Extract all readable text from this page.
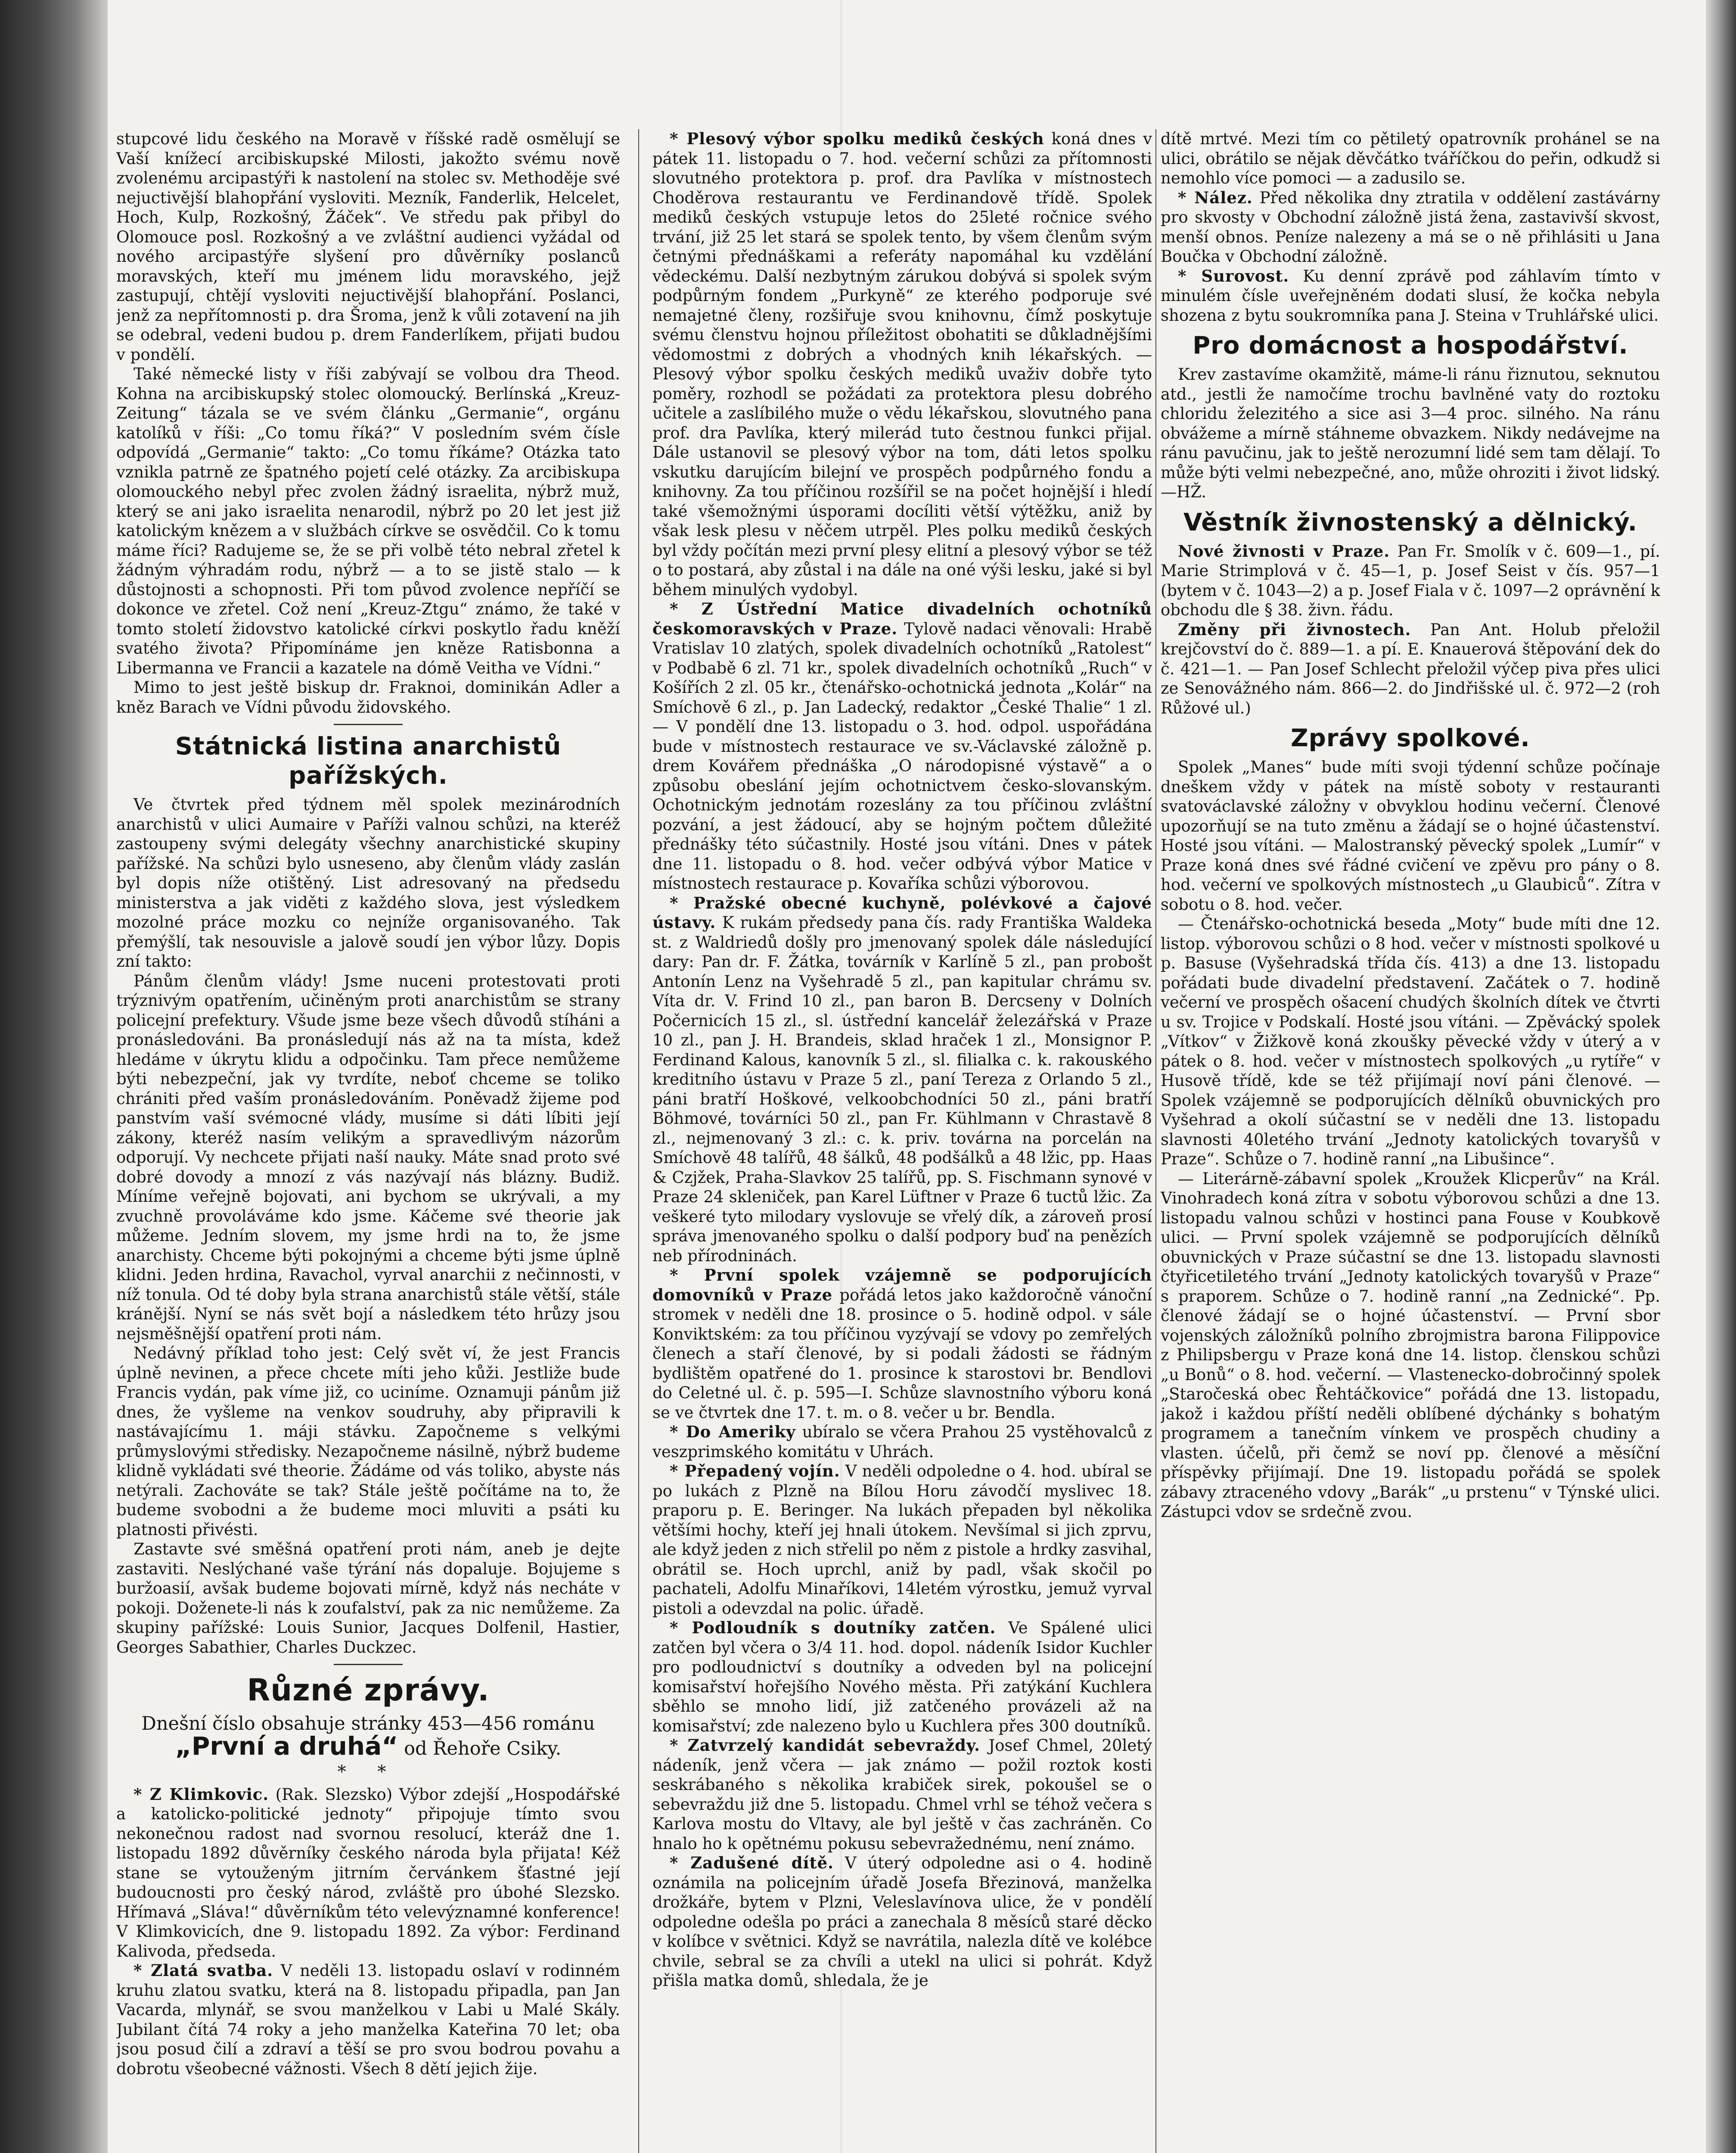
stupcové lidu českého na Moravě v říšské radě osmělují se Vaší knížecí arcibiskupské Milosti, jakožto svému nově zvolenému arcipastýři k nastolení na stolec sv. Methoděje své nejuctivější blahopřání vysloviti. Mezník, Fanderlik, Helcelet, Hoch, Kulp, Rozkošný, Žáček“. Ve středu pak přibyl do Olomouce posl. Rozkošný a ve zvláštní audienci vyžádal od nového arcipastýře slyšení pro důvěrníky poslanců moravských, kteří mu jménem lidu moravského, jejž zastupují, chtějí vysloviti nejuctivější blahopřání. Poslanci, jenž za nepřítomnosti p. dra Šroma, jenž k vůli zotavení na jih se odebral, vedeni budou p. drem Fanderlíkem, přijati budou v pondělí.

Také německé listy v říši zabývají se volbou dra Theod. Kohna na arcibiskupský stolec olomoucký. Berlínská „Kreuz-Zeitung“ tázala se ve svém článku „Germanie“, orgánu katolíků v říši: „Co tomu říká?“ V posledním svém čísle odpovídá „Germanie“ takto: „Co tomu říkáme? Otázka tato vznikla patrně ze špatného pojetí celé otázky. Za arcibiskupa olomouckého nebyl přec zvolen žádný israelita, nýbrž muž, který se ani jako israelita nenarodil, nýbrž po 20 let jest již katolickým knězem a v službách církve se osvědčil. Co k tomu máme říci? Radujeme se, že se při volbě této nebral zřetel k žádným výhradám rodu, nýbrž — a to se jistě stalo — k důstojnosti a schopnosti. Při tom původ zvolence nepříčí se dokonce ve zřetel. Což není „Kreuz-Ztgu“ známo, že také v tomto století židovstvo katolické církvi poskytlo řadu kněží svatého života? Připomínáme jen kněze Ratisbonna a Libermanna ve Francii a kazatele na dómě Veitha ve Vídni.“

Mimo to jest ještě biskup dr. Fraknoi, dominikán Adler a kněz Barach ve Vídni původu židovského.

Státnická listina anarchistů pařížských.

Ve čtvrtek před týdnem měl spolek mezinárodních anarchistů v ulici Aumaire v Paříži valnou schůzi, na kteréž zastoupeny svými delegáty všechny anarchistické skupiny pařížské. Na schůzi bylo usneseno, aby členům vlády zaslán byl dopis níže otištěný. List adresovaný na předsedu ministerstva a jak viděti z každého slova, jest výsledkem mozolné práce mozku co nejníže organisovaného. Tak přemýšlí, tak nesouvisle a jalově soudí jen výbor lůzy. Dopis zní takto:

Pánům členům vlády! Jsme nuceni protestovati proti trýznivým opatřením, učiněným proti anarchistům se strany policejní prefektury. Všude jsme beze všech důvodů stíháni a pronásledováni. Ba pronásledují nás až na ta místa, kdež hledáme v úkrytu klidu a odpočinku. Tam přece nemůžeme býti nebezpeční, jak vy tvrdíte, neboť chceme se toliko chrániti před vaším pronásledováním. Poněvadž žijeme pod panstvím vaší svémocné vlády, musíme si dáti líbiti její zákony, kteréž nasím velikým a spravedlivým názorům odporují. Vy nechcete přijati naší nauky. Máte snad proto své dobré dovody a mnozí z vás nazývají nás blázny. Budiž. Míníme veřejně bojovati, ani bychom se ukrývali, a my zvuchně provoláváme kdo jsme. Káčeme své theorie jak můžeme. Jedním slovem, my jsme hrdi na to, že jsme anarchisty. Chceme býti pokojnými a chceme býti jsme úplně klidni. Jeden hrdina, Ravachol, vyrval anarchii z nečinnosti, v níž tonula. Od té doby byla strana anarchistů stále větší, stále kránější. Nyní se nás svět bojí a následkem této hrůzy jsou nejsměšnější opatření proti nám.

Nedávný příklad toho jest: Celý svět ví, že jest Francis úplně nevinen, a přece chcete míti jeho kůži. Jestliže bude Francis vydán, pak víme již, co uciníme. Oznamuji pánům již dnes, že vyšleme na venkov soudruhy, aby připravili k nastávajícímu 1. máji stávku. Započneme s velkými průmyslovými středisky. Nezapočneme násilně, nýbrž budeme klidně vykládati své theorie. Žádáme od vás toliko, abyste nás netýrali. Zachováte se tak? Stále ještě počítáme na to, že budeme svobodni a že budeme moci mluviti a psáti ku platnosti přivésti.

Zastavte své směšná opatření proti nám, aneb je dejte zastaviti. Neslýchané vaše týrání nás dopaluje. Bojujeme s buržoasií, avšak budeme bojovati mírně, když nás necháte v pokoji. Doženete-li nás k zoufalství, pak za nic nemůžeme. Za skupiny pařížské: Louis Sunior, Jacques Dolfenil, Hastier, Georges Sabathier, Charles Duckzec.

Různé zprávy.
Dnešní číslo obsahuje stránky 453—456 románu „První a druhá“ od Řehoře Csiky.
* *

* Z Klimkovic. (Rak. Slezsko) Výbor zdejší „Hospodářské a katolicko-politické jednoty“ připojuje tímto svou nekonečnou radost nad svornou resolucí, kteráž dne 1. listopadu 1892 důvěrníky českého národa byla přijata! Kéž stane se vytouženým jitrním červánkem šťastné její budoucnosti pro český národ, zvláště pro úbohé Slezsko. Hřímavá „Sláva!“ důvěrníkům této velevýznamné konference! V Klimkovicích, dne 9. listopadu 1892. Za výbor: Ferdinand Kalivoda, předseda.

* Zlatá svatba. V neděli 13. listopadu oslaví v rodinném kruhu zlatou svatku, která na 8. listopadu připadla, pan Jan Vacarda, mlynář, se svou manželkou v Labi u Malé Skály. Jubilant čítá 74 roky a jeho manželka Kateřina 70 let; oba jsou posud čilí a zdraví a těší se pro svou bodrou povahu a dobrotu všeobecné vážnosti. Všech 8 dětí jejich žije.

* Plesový výbor spolku mediků českých koná dnes v pátek 11. listopadu o 7. hod. večerní schůzi za přítomnosti slovutného protektora p. prof. dra Pavlíka v místnostech Choděrova restaurantu ve Ferdinandově třídě. Spolek mediků českých vstupuje letos do 25leté ročnice svého trvání, již 25 let stará se spolek tento, by všem členům svým četnými přednáškami a referáty napomáhal ku vzdělání vědeckému. Další nezbytným zárukou dobývá si spolek svým podpůrným fondem „Purkyně“ ze kterého podporuje své nemajetné členy, rozšiřuje svou knihovnu, čímž poskytuje svému členstvu hojnou příležitost obohatiti se důkladnějšími vědomostmi z dobrých a vhodných knih lékařských. — Plesový výbor spolku českých mediků uvaživ dobře tyto poměry, rozhodl se požádati za protektora plesu dobrého učitele a zaslíbilého muže o vědu lékařskou, slovutného pana prof. dra Pavlíka, který milerád tuto čestnou funkci přijal. Dále ustanovil se plesový výbor na tom, dáti letos spolku vskutku darujícím bilejní ve prospěch podpůrného fondu a knihovny. Za tou příčinou rozšířil se na počet hojnější i hledí také všemožnými úsporami docíliti větší výtěžku, aniž by však lesk plesu v něčem utrpěl. Ples polku mediků českých byl vždy počítán mezi první plesy elitní a plesový výbor se též o to postará, aby zůstal i na dále na oné výši lesku, jaké si byl během minulých vydobyl.

* Z Ústřední Matice divadelních ochotníků českomoravských v Praze. Tylově nadaci věnovali: Hrabě Vratislav 10 zlatých, spolek divadelních ochotníků „Ratolest“ v Podbabě 6 zl. 71 kr., spolek divadelních ochotníků „Ruch“ v Košířích 2 zl. 05 kr., čtenářsko-ochotnická jednota „Kolár“ na Smíchově 6 zl., p. Jan Ladecký, redaktor „České Thalie“ 1 zl. — V pondělí dne 13. listopadu o 3. hod. odpol. uspořádána bude v místnostech restaurace ve sv.-Václavské záložně p. drem Kovářem přednáška „O národopisné výstavě“ a o způsobu obeslání jejím ochotnictvem česko-slovanským. Ochotnickým jednotám rozeslány za tou příčinou zvláštní pozvání, a jest žádoucí, aby se hojným počtem důležité přednášky této súčastnily. Hosté jsou vítáni. Dnes v pátek dne 11. listopadu o 8. hod. večer odbývá výbor Matice v místnostech restaurace p. Kovaříka schůzi výborovou.

* Pražské obecné kuchyně, polévkové a čajové ústavy. K rukám předsedy pana čís. rady Františka Waldeka st. z Waldriedů došly pro jmenovaný spolek dále následující dary: Pan dr. F. Žátka, továrník v Karlíně 5 zl., pan probošt Antonín Lenz na Vyšehradě 5 zl., pan kapitular chrámu sv. Víta dr. V. Frind 10 zl., pan baron B. Dercseny v Dolních Počernicích 15 zl., sl. ústřední kancelář železářská v Praze 10 zl., pan J. H. Brandeis, sklad hraček 1 zl., Monsignor P. Ferdinand Kalous, kanovník 5 zl., sl. filialka c. k. rakouského kreditního ústavu v Praze 5 zl., paní Tereza z Orlando 5 zl., páni bratří Hoškové, velkoobchodníci 50 zl., páni bratří Böhmové, továrníci 50 zl., pan Fr. Kühlmann v Chrastavě 8 zl., nejmenovaný 3 zl.: c. k. priv. továrna na porcelán na Smíchově 48 talířů, 48 šálků, 48 podšálků a 48 lžic, pp. Haas & Czjžek, Praha-Slavkov 25 talířů, pp. S. Fischmann synové v Praze 24 skleniček, pan Karel Lüftner v Praze 6 tuctů lžic. Za veškeré tyto milodary vyslovuje se vřelý dík, a zároveň prosí správa jmenovaného spolku o další podpory buď na penězích neb přírodninách.

* První spolek vzájemně se podporujících domovníků v Praze pořádá letos jako každoročně vánoční stromek v neděli dne 18. prosince o 5. hodině odpol. v sále Konviktském: za tou příčinou vyzývají se vdovy po zemřelých členech a staří členové, by si podali žádosti se řádným bydlištěm opatřené do 1. prosince k starostovi br. Bendlovi do Celetné ul. č. p. 595—I. Schůze slavnostního výboru koná se ve čtvrtek dne 17. t. m. o 8. večer u br. Bendla.

* Do Ameriky ubíralo se včera Prahou 25 vystěhovalců z veszprimského komitátu v Uhrách.

* Přepadený vojín. V neděli odpoledne o 4. hod. ubíral se po lukách z Plzně na Bílou Horu závodčí myslivec 18. praporu p. E. Beringer. Na lukách přepaden byl několika většími hochy, kteří jej hnali útokem. Nevšímal si jich zprvu, ale když jeden z nich střelil po něm z pistole a hrdky zasvihal, obrátil se. Hoch uprchl, aniž by padl, však skočil po pachateli, Adolfu Minaříkovi, 14letém výrostku, jemuž vyrval pistoli a odevzdal na polic. úřadě.

* Podloudník s doutníky zatčen. Ve Spálené ulici zatčen byl včera o 3/4 11. hod. dopol. nádeník Isidor Kuchler pro podloudnictví s doutníky a odveden byl na policejní komisařství hořejšího Nového města. Při zatýkání Kuchlera sběhlo se mnoho lidí, již zatčeného provázeli až na komisařství; zde nalezeno bylo u Kuchlera přes 300 doutníků.

* Zatvrzelý kandidát sebevraždy. Josef Chmel, 20letý nádeník, jenž včera — jak známo — požil roztok kosti seskrábaného s několika krabiček sirek, pokoušel se o sebevraždu již dne 5. listopadu. Chmel vrhl se téhož večera s Karlova mostu do Vltavy, ale byl ještě v čas zachráněn. Co hnalo ho k opětnému pokusu sebevražednému, není známo.

* Zadušené dítě. V úterý odpoledne asi o 4. hodině oznámila na policejním úřadě Josefa Březinová, manželka drožkáře, bytem v Plzni, Veleslavínova ulice, že v pondělí odpoledne odešla po práci a zanechala 8 měsíců staré děcko v kolíbce v světnici. Když se navrátila, nalezla dítě ve kolébce chvile, sebral se za chvíli a utekl na ulici si pohrát. Když přišla matka domů, shledala, že je

dítě mrtvé. Mezi tím co pětiletý opatrovník prohánel se na ulici, obrátilo se nějak děvčátko tváříčkou do peřin, odkudž si nemohlo více pomoci — a zadusilo se.

* Nález. Před několika dny ztratila v oddělení zastávárny pro skvosty v Obchodní záložně jistá žena, zastavivší skvost, menší obnos. Peníze nalezeny a má se o ně přihlásiti u Jana Boučka v Obchodní záložně.

* Surovost. Ku denní zprávě pod záhlavím tímto v minulém čísle uveřejněném dodati slusí, že kočka nebyla shozena z bytu soukromníka pana J. Steina v Truhlářské ulici.

Pro domácnost a hospodářství.

Krev zastavíme okamžitě, máme-li ránu řiznutou, seknutou atd., jestli že namočíme trochu bavlněné vaty do roztoku chloridu železitého a sice asi 3—4 proc. silného. Na ránu obvážeme a mírně stáhneme obvazkem. Nikdy nedávejme na ránu pavučinu, jak to ještě nerozumní lidé sem tam dělají. To může býti velmi nebezpečné, ano, může ohroziti i život lidský. —HŽ.

Věstník živnostenský a dělnický.

Nové živnosti v Praze. Pan Fr. Smolík v č. 609—1., pí. Marie Strimplová v č. 45—1, p. Josef Seist v čís. 957—1 (bytem v č. 1043—2) a p. Josef Fiala v č. 1097—2 oprávnění k obchodu dle § 38. živn. řádu.

Změny při živnostech. Pan Ant. Holub přeložil krejčovství do č. 889—1. a pí. E. Knauerová štěpování dek do č. 421—1. — Pan Josef Schlecht přeložil výčep piva přes ulici ze Senovážného nám. 866—2. do Jindřišské ul. č. 972—2 (roh Růžové ul.)

Zprávy spolkové.

Spolek „Manes“ bude míti svoji týdenní schůze počínaje dneškem vždy v pátek na místě soboty v restauranti svatováclavské záložny v obvyklou hodinu večerní. Členové upozorňují se na tuto změnu a žádají se o hojné účastenství. Hosté jsou vítáni. — Malostranský pěvecký spolek „Lumír“ v Praze koná dnes své řádné cvičení ve zpěvu pro pány o 8. hod. večerní ve spolkových místnostech „u Glaubiců“. Zítra v sobotu o 8. hod. večer.

— Čtenářsko-ochotnická beseda „Moty“ bude míti dne 12. listop. výborovou schůzi o 8 hod. večer v místnosti spolkové u p. Basuse (Vyšehradská třída čís. 413) a dne 13. listopadu pořádati bude divadelní představení. Začátek o 7. hodině večerní ve prospěch ošacení chudých školních dítek ve čtvrti u sv. Trojice v Podskalí. Hosté jsou vítáni. — Zpěvácký spolek „Vítkov“ v Žižkově koná zkoušky pěvecké vždy v úterý a v pátek o 8. hod. večer v místnostech spolkových „u rytíře“ v Husově třídě, kde se též přijímají noví páni členové. — Spolek vzájemně se podporujících dělníků obuvnických pro Vyšehrad a okolí súčastní se v neděli dne 13. listopadu slavnosti 40letého trvání „Jednoty katolických tovaryšů v Praze“. Schůze o 7. hodině ranní „na Libušince“.

— Literárně-zábavní spolek „Kroužek Klicperův“ na Král. Vinohradech koná zítra v sobotu výborovou schůzi a dne 13. listopadu valnou schůzi v hostinci pana Fouse v Koubkově ulici. — První spolek vzájemně se podporujících dělníků obuvnických v Praze súčastní se dne 13. listopadu slavnosti čtyřicetiletého trvání „Jednoty katolických tovaryšů v Praze“ s praporem. Schůze o 7. hodině ranní „na Zednické“. Pp. členové žádají se o hojné účastenství. — První sbor vojenských záložníků polního zbrojmistra barona Filippovice z Philipsbergu v Praze koná dne 14. listop. členskou schůzi „u Bonů“ o 8. hod. večerní. — Vlastenecko-dobročinný spolek „Staročeská obec Řehtáčkovice“ pořádá dne 13. listopadu, jakož i každou příští neděli oblíbené dýchánky s bohatým programem a tanečním vínkem ve prospěch chudiny a vlasten. účelů, při čemž se noví pp. členové a měsíční příspěvky přijímají. Dne 19. listopadu pořádá se spolek zábavy ztraceného vdovy „Barák“ „u prstenu“ v Týnské ulici. Zástupci vdov se srdečně zvou.
